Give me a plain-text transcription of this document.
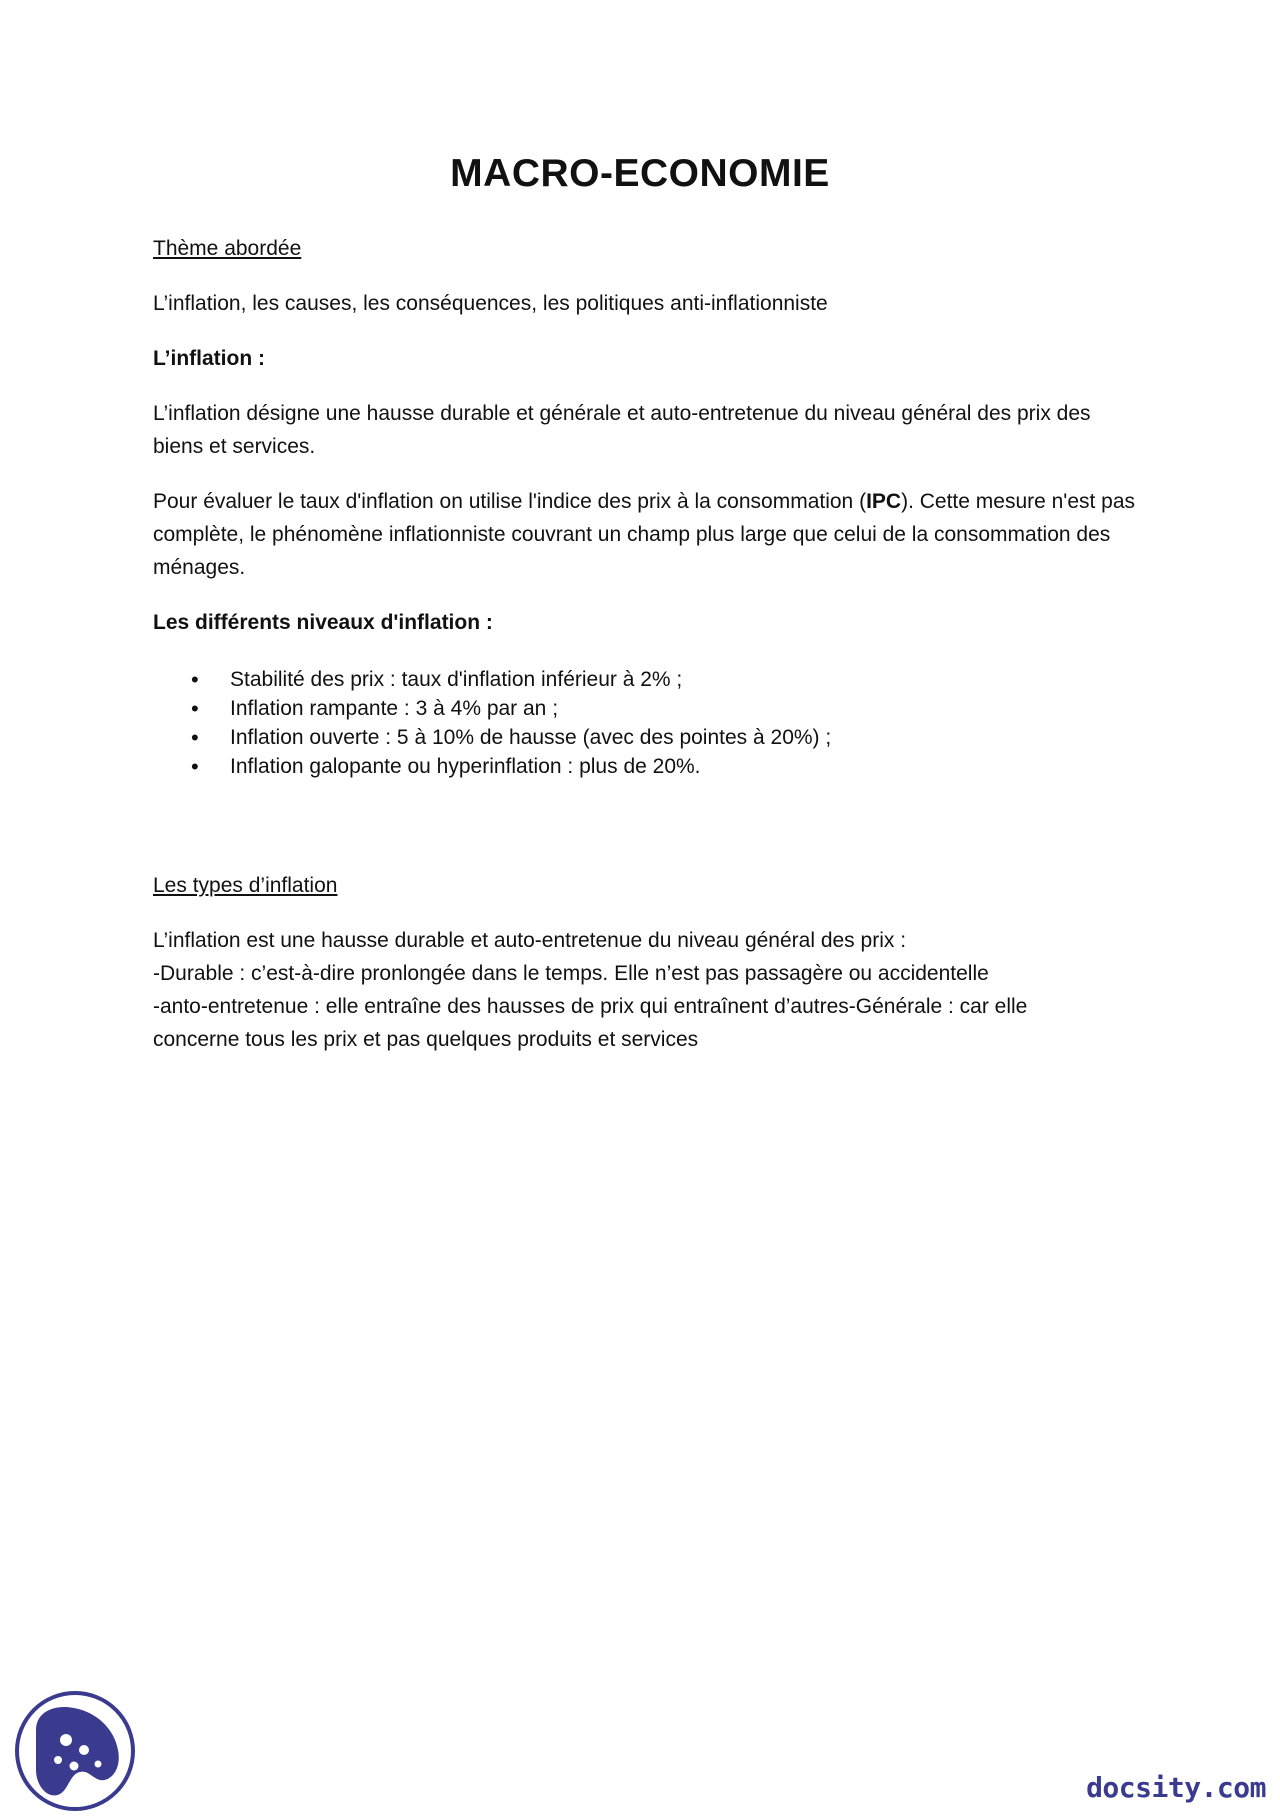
MACRO-ECONOMIE

Thème abordée

L’inflation, les causes, les conséquences, les politiques anti-inflationniste

L’inflation :

L’inflation désigne une hausse durable et générale et auto-entretenue du niveau général des prix des biens et services.

Pour évaluer le taux d'inflation on utilise l'indice des prix à la consommation (IPC). Cette mesure n'est pas complète, le phénomène inflationniste couvrant un champ plus large que celui de la consommation des ménages.

Les différents niveaux d'inflation :

• Stabilité des prix : taux d'inflation inférieur à 2% ;
• Inflation rampante : 3 à 4% par an ;
• Inflation ouverte : 5 à 10% de hausse (avec des pointes à 20%) ;
• Inflation galopante ou hyperinflation : plus de 20%.

Les types d’inflation

L’inflation est une hausse durable et auto-entretenue du niveau général des prix :
-Durable : c’est-à-dire pronlongée dans le temps. Elle n’est pas passagère ou accidentelle
-anto-entretenue : elle entraîne des hausses de prix qui entraînent d’autres-Générale : car elle
concerne tous les prix et pas quelques produits et services
docsity.com
